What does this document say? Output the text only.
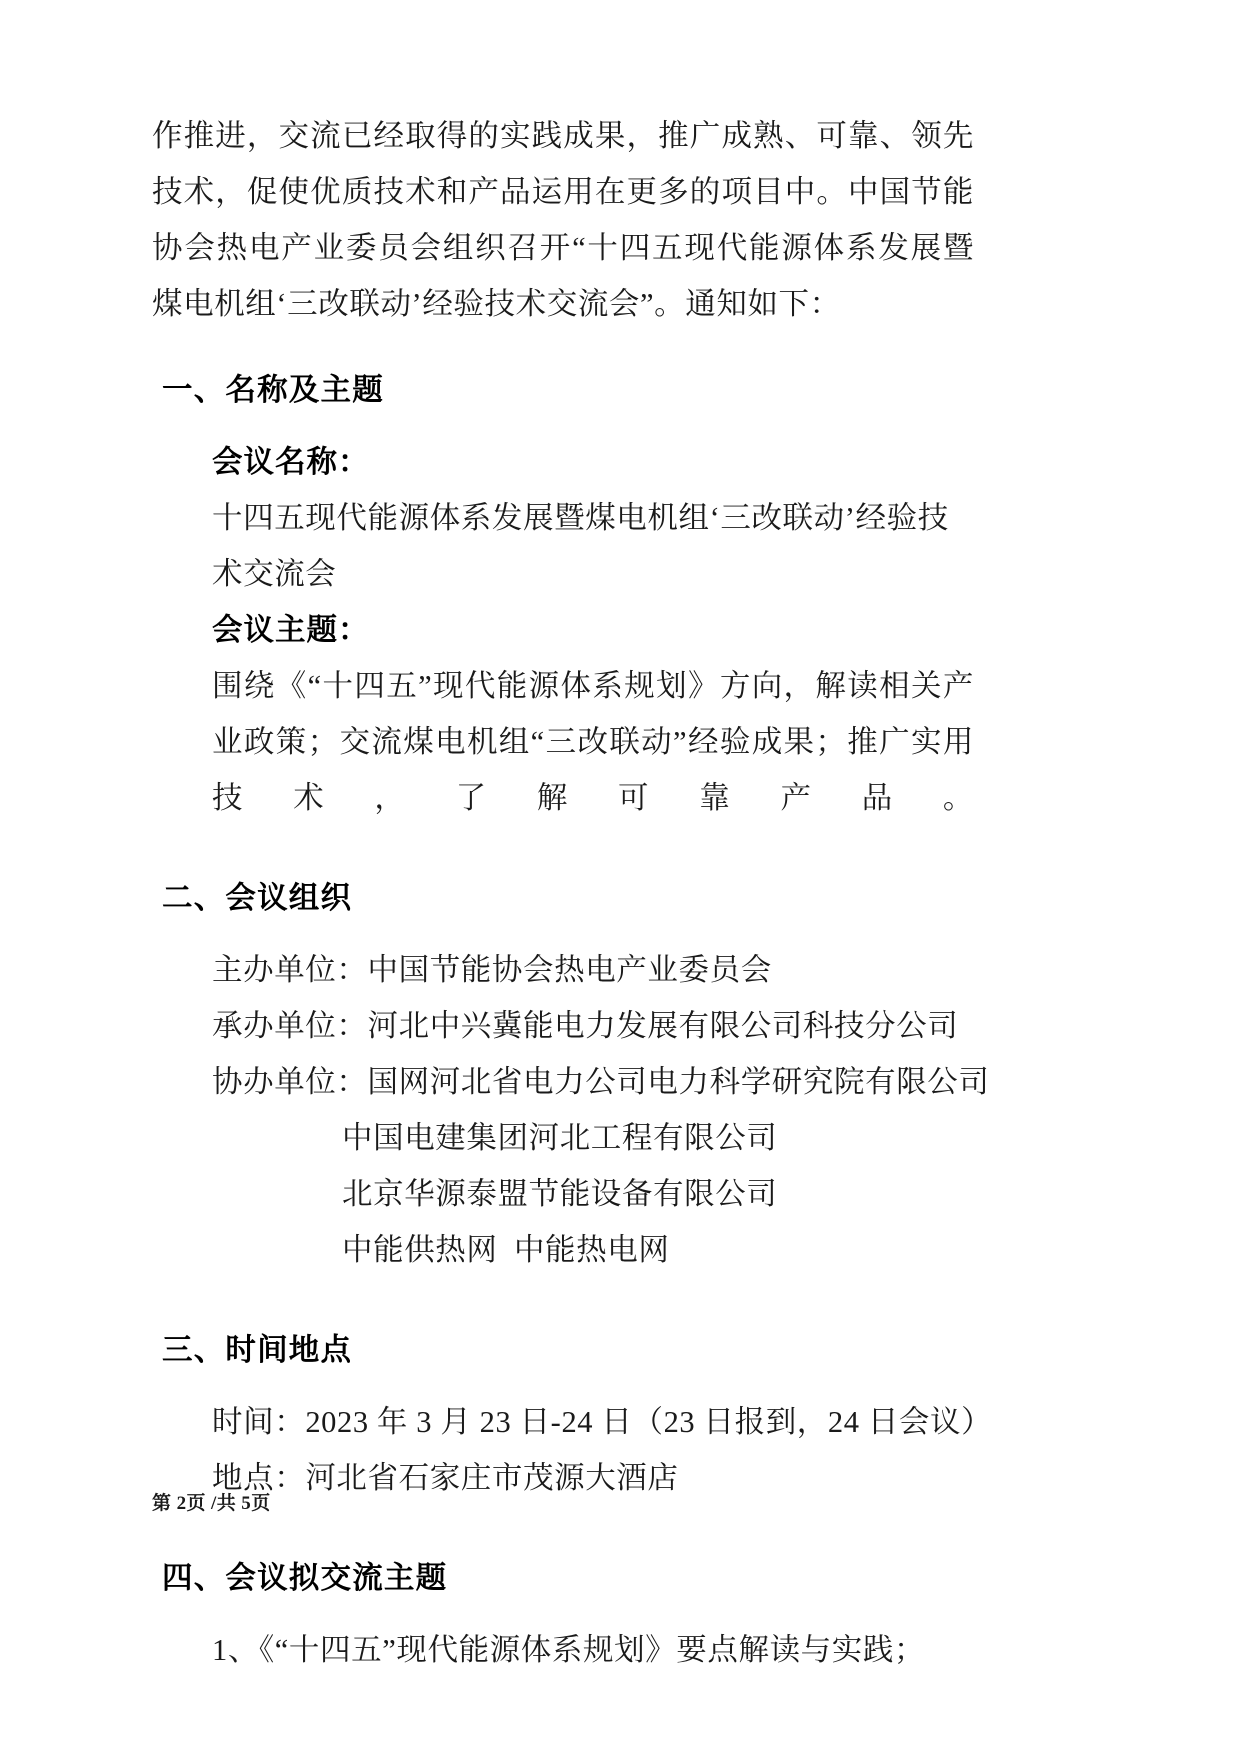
作推进，交流已经取得的实践成果，推广成熟、可靠、领先技术，促使优质技术和产品运用在更多的项目中。中国节能协会热电产业委员会组织召开“十四五现代能源体系发展暨煤电机组‘三改联动’经验技术交流会”。通知如下：

一、名称及主题

会议名称：

十四五现代能源体系发展暨煤电机组‘三改联动’经验技术交流会

会议主题：

围绕《“十四五”现代能源体系规划》方向，解读相关产业政策；交流煤电机组“三改联动”经验成果；推广实用技术，了解可靠产品。

二、会议组织

主办单位：中国节能协会热电产业委员会

承办单位：河北中兴冀能电力发展有限公司科技分公司

协办单位：国网河北省电力公司电力科学研究院有限公司

中国电建集团河北工程有限公司

北京华源泰盟节能设备有限公司

中能供热网  中能热电网

三、时间地点

时间：2023 年 3 月 23 日-24 日（23 日报到，24 日会议）

地点：河北省石家庄市茂源大酒店

四、会议拟交流主题

1、《“十四五”现代能源体系规划》要点解读与实践；

第 2页 /共 5页
